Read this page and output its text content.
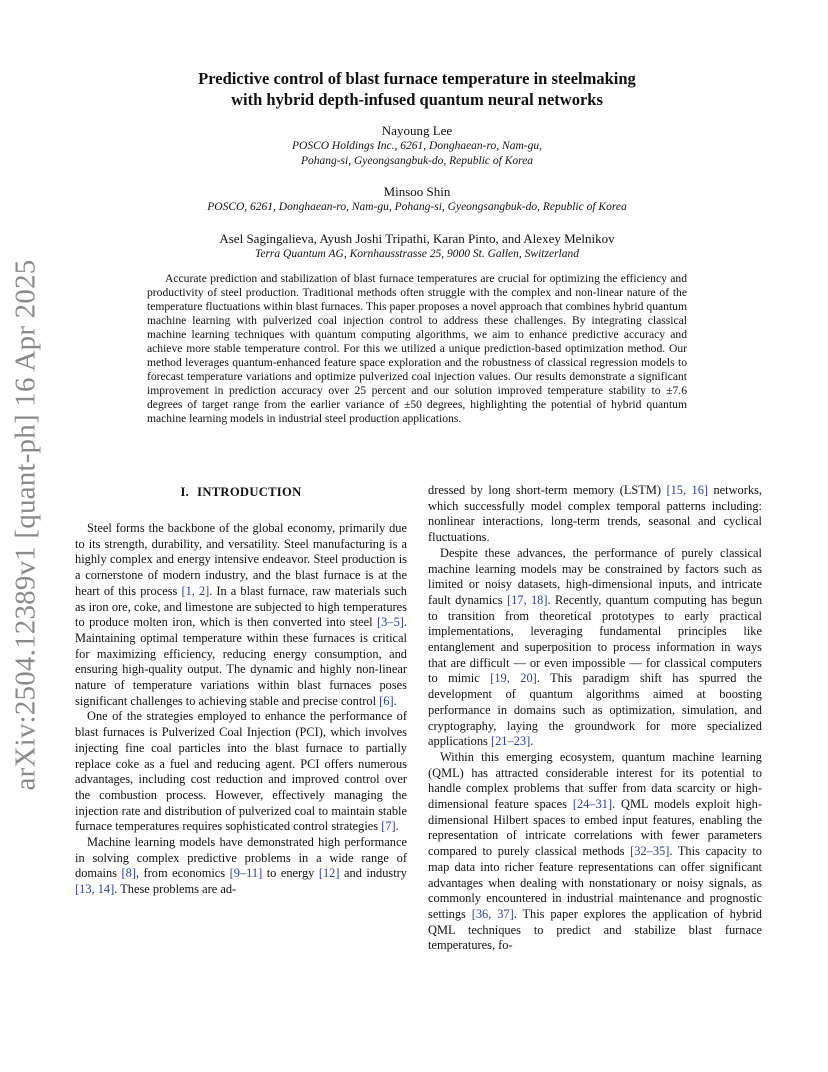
arXiv:2504.12389v1 [quant-ph] 16 Apr 2025
Predictive control of blast furnace temperature in steelmaking
with hybrid depth-infused quantum neural networks
Nayoung Lee
POSCO Holdings Inc., 6261, Donghaean-ro, Nam-gu,
Pohang-si, Gyeongsangbuk-do, Republic of Korea
Minsoo Shin
POSCO, 6261, Donghaean-ro, Nam-gu, Pohang-si, Gyeongsangbuk-do, Republic of Korea
Asel Sagingalieva, Ayush Joshi Tripathi, Karan Pinto, and Alexey Melnikov
Terra Quantum AG, Kornhausstrasse 25, 9000 St. Gallen, Switzerland

Accurate prediction and stabilization of blast furnace temperatures are crucial for optimizing the efficiency and productivity of steel production. Traditional methods often struggle with the complex and non-linear nature of the temperature fluctuations within blast furnaces. This paper proposes a novel approach that combines hybrid quantum machine learning with pulverized coal injection control to address these challenges. By integrating classical machine learning techniques with quantum computing algorithms, we aim to enhance predictive accuracy and achieve more stable temperature control. For this we utilized a unique prediction-based optimization method. Our method leverages quantum-enhanced feature space exploration and the robustness of classical regression models to forecast temperature variations and optimize pulverized coal injection values. Our results demonstrate a significant improvement in prediction accuracy over 25 percent and our solution improved temperature stability to ±7.6 degrees of target range from the earlier variance of ±50 degrees, highlighting the potential of hybrid quantum machine learning models in industrial steel production applications.

I. INTRODUCTION

Steel forms the backbone of the global economy, primarily due to its strength, durability, and versatility. Steel manufacturing is a highly complex and energy intensive endeavor. Steel production is a cornerstone of modern industry, and the blast furnace is at the heart of this process [1, 2]. In a blast furnace, raw materials such as iron ore, coke, and limestone are subjected to high temperatures to produce molten iron, which is then converted into steel [3–5]. Maintaining optimal temperature within these furnaces is critical for maximizing efficiency, reducing energy consumption, and ensuring high-quality output. The dynamic and highly non-linear nature of temperature variations within blast furnaces poses significant challenges to achieving stable and precise control [6].

One of the strategies employed to enhance the performance of blast furnaces is Pulverized Coal Injection (PCI), which involves injecting fine coal particles into the blast furnace to partially replace coke as a fuel and reducing agent. PCI offers numerous advantages, including cost reduction and improved control over the combustion process. However, effectively managing the injection rate and distribution of pulverized coal to maintain stable furnace temperatures requires sophisticated control strategies [7].

Machine learning models have demonstrated high performance in solving complex predictive problems in a wide range of domains [8], from economics [9–11] to energy [12] and industry [13, 14]. These problems are ad-

dressed by long short-term memory (LSTM) [15, 16] networks, which successfully model complex temporal patterns including: nonlinear interactions, long-term trends, seasonal and cyclical fluctuations.

Despite these advances, the performance of purely classical machine learning models may be constrained by factors such as limited or noisy datasets, high-dimensional inputs, and intricate fault dynamics [17, 18]. Recently, quantum computing has begun to transition from theoretical prototypes to early practical implementations, leveraging fundamental principles like entanglement and superposition to process information in ways that are difficult — or even impossible — for classical computers to mimic [19, 20]. This paradigm shift has spurred the development of quantum algorithms aimed at boosting performance in domains such as optimization, simulation, and cryptography, laying the groundwork for more specialized applications [21–23].

Within this emerging ecosystem, quantum machine learning (QML) has attracted considerable interest for its potential to handle complex problems that suffer from data scarcity or high-dimensional feature spaces [24–31]. QML models exploit high-dimensional Hilbert spaces to embed input features, enabling the representation of intricate correlations with fewer parameters compared to purely classical methods [32–35]. This capacity to map data into richer feature representations can offer significant advantages when dealing with nonstationary or noisy signals, as commonly encountered in industrial maintenance and prognostic settings [36, 37]. This paper explores the application of hybrid QML techniques to predict and stabilize blast furnace temperatures, fo-
